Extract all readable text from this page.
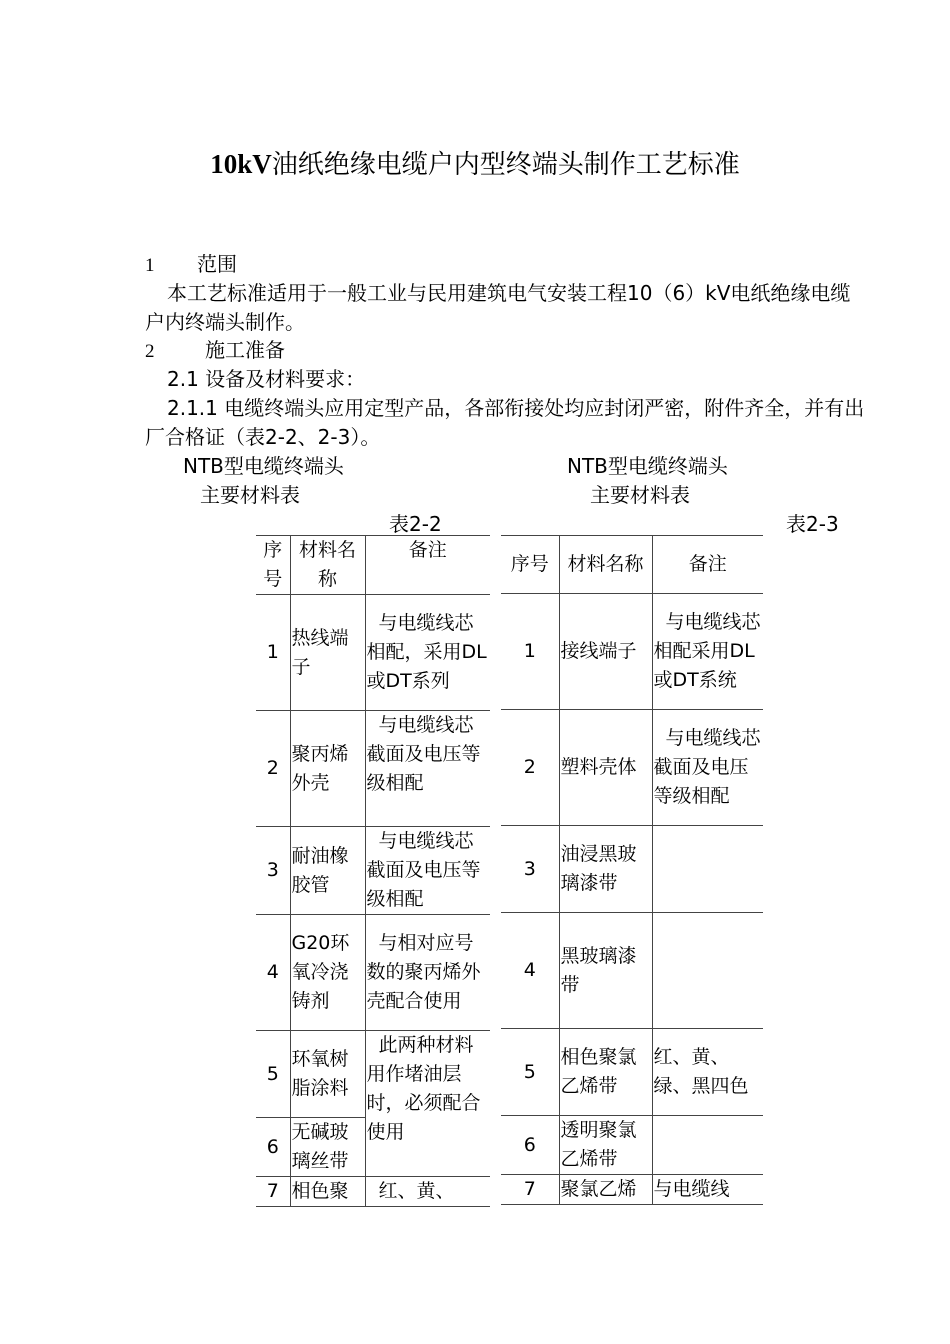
10kV油纸绝缘电缆户内型终端头制作工艺标准
1 范围
本工艺标准适用于一般工业与民用建筑电气安装工程10（6）kV电纸绝缘电缆户内终端头制作。
2	施工准备
2.1 设备及材料要求：
2.1.1 电缆终端头应用定型产品，各部衔接处均应封闭严密，附件齐全，并有出厂合格证（表2-2、2-3）。
NTB型电缆终端头
主要材料表
NTB型电缆终端头
主要材料表
表2-2	表2-3
序号	材料名称	备注
1	热线端子	与电缆线芯相配，采用DL或DT系列
2	聚丙烯外壳	与电缆线芯截面及电压等级相配
3	耐油橡胶管	与电缆线芯截面及电压等级相配
4	G20环氧冷浇铸剂	与相对应号数的聚丙烯外壳配合使用
5	环氧树脂涂料	此两种材料用作堵油层时，必须配合使用
6	无碱玻璃丝带	
7	相色聚	红、黄、
序号	材料名称	备注
1	接线端子	与电缆线芯相配采用DL或DT系统
2	塑料壳体	与电缆线芯截面及电压等级相配
3	油浸黑玻璃漆带	
4	黑玻璃漆带	
5	相色聚氯乙烯带	红、黄、绿、黑四色
6	透明聚氯乙烯带	
7	聚氯乙烯	与电缆线
